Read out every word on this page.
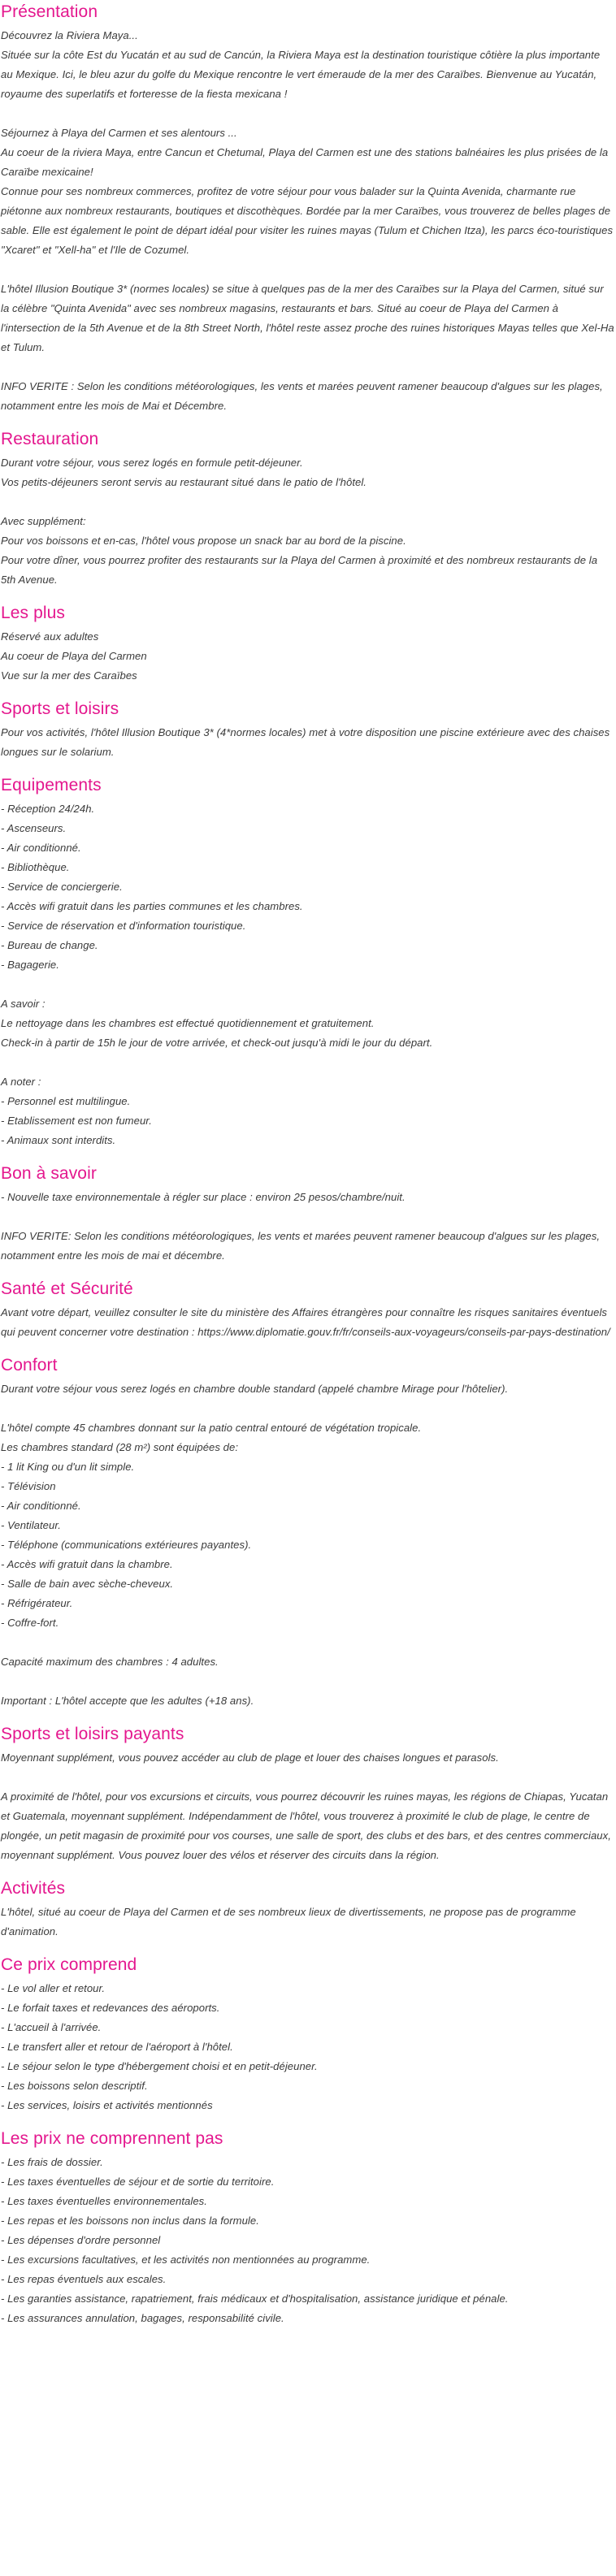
Présentation
Découvrez la Riviera Maya...
Située sur la côte Est du Yucatán et au sud de Cancún, la Riviera Maya est la destination touristique côtière la plus importante au Mexique. Ici, le bleu azur du golfe du Mexique rencontre le vert émeraude de la mer des Caraïbes. Bienvenue au Yucatán, royaume des superlatifs et forteresse de la fiesta mexicana !

Séjournez à Playa del Carmen et ses alentours ...
Au coeur de la riviera Maya, entre Cancun et Chetumal, Playa del Carmen est une des stations balnéaires les plus prisées de la Caraïbe mexicaine!
Connue pour ses nombreux commerces, profitez de votre séjour pour vous balader sur la Quinta Avenida, charmante rue piétonne aux nombreux restaurants, boutiques et discothèques. Bordée par la mer Caraïbes, vous trouverez de belles plages de sable. Elle est également le point de départ idéal pour visiter les ruines mayas (Tulum et Chichen Itza), les parcs éco-touristiques "Xcaret" et "Xell-ha" et l'Ile de Cozumel.

L'hôtel Illusion Boutique 3* (normes locales) se situe à quelques pas de la mer des Caraïbes sur la Playa del Carmen, situé sur la célèbre "Quinta Avenida" avec ses nombreux magasins, restaurants et bars. Situé au coeur de Playa del Carmen à l'intersection de la 5th Avenue et de la 8th Street North, l'hôtel reste assez proche des ruines historiques Mayas telles que Xel-Ha et Tulum.

INFO VERITE : Selon les conditions météorologiques, les vents et marées peuvent ramener beaucoup d'algues sur les plages, notamment entre les mois de Mai et Décembre.
Restauration
Durant votre séjour, vous serez logés en formule petit-déjeuner.
Vos petits-déjeuners seront servis au restaurant situé dans le patio de l'hôtel.

Avec supplément:
Pour vos boissons et en-cas, l'hôtel vous propose un snack bar au bord de la piscine.
Pour votre dîner, vous pourrez profiter des restaurants sur la Playa del Carmen à proximité et des nombreux restaurants de la 5th Avenue.
Les plus
Réservé aux adultes
Au coeur de Playa del Carmen
Vue sur la mer des Caraïbes
Sports et loisirs
Pour vos activités, l'hôtel Illusion Boutique 3* (4*normes locales) met à votre disposition une piscine extérieure avec des chaises longues sur le solarium.
Equipements
- Réception 24/24h.
- Ascenseurs.
- Air conditionné.
- Bibliothèque.
- Service de conciergerie.
- Accès wifi gratuit dans les parties communes et les chambres.
- Service de réservation et d'information touristique.
- Bureau de change.
- Bagagerie.

A savoir :
Le nettoyage dans les chambres est effectué quotidiennement et gratuitement.
Check-in à partir de 15h le jour de votre arrivée, et check-out jusqu'à midi le jour du départ.

A noter :
- Personnel est multilingue.
- Etablissement est non fumeur.
- Animaux sont interdits.
Bon à savoir
- Nouvelle taxe environnementale à régler sur place : environ 25 pesos/chambre/nuit.

INFO VERITE: Selon les conditions météorologiques, les vents et marées peuvent ramener beaucoup d'algues sur les plages, notamment entre les mois de mai et décembre.
Santé et Sécurité
Avant votre départ, veuillez consulter le site du ministère des Affaires étrangères pour connaître les risques sanitaires éventuels qui peuvent concerner votre destination : https://www.diplomatie.gouv.fr/fr/conseils-aux-voyageurs/conseils-par-pays-destination/
Confort
Durant votre séjour vous serez logés en chambre double standard (appelé chambre Mirage pour l'hôtelier).

L'hôtel compte 45 chambres donnant sur la patio central entouré de végétation tropicale.
Les chambres standard (28 m²) sont équipées de:
- 1 lit King ou d'un lit simple.
- Télévision
- Air conditionné.
- Ventilateur.
- Téléphone (communications extérieures payantes).
- Accès wifi gratuit dans la chambre.
- Salle de bain avec sèche-cheveux.
- Réfrigérateur.
- Coffre-fort.

Capacité maximum des chambres : 4 adultes.

Important : L'hôtel accepte que les adultes (+18 ans).
Sports et loisirs payants
Moyennant supplément, vous pouvez accéder au club de plage et louer des chaises longues et parasols.

A proximité de l'hôtel, pour vos excursions et circuits, vous pourrez découvrir les ruines mayas, les régions de Chiapas, Yucatan et Guatemala, moyennant supplément. Indépendamment de l'hôtel, vous trouverez à proximité le club de plage, le centre de plongée, un petit magasin de proximité pour vos courses, une salle de sport, des clubs et des bars, et des centres commerciaux, moyennant supplément. Vous pouvez louer des vélos et réserver des circuits dans la région.
Activités
L'hôtel, situé au coeur de Playa del Carmen et de ses nombreux lieux de divertissements, ne propose pas de programme d'animation.
Ce prix comprend
- Le vol aller et retour.
- Le forfait taxes et redevances des aéroports.
- L'accueil à l'arrivée.
- Le transfert aller et retour de l'aéroport à l'hôtel.
- Le séjour selon le type d'hébergement choisi et en petit-déjeuner.
- Les boissons selon descriptif.
- Les services, loisirs et activités mentionnés
Les prix ne comprennent pas
- Les frais de dossier.
- Les taxes éventuelles de séjour et de sortie du territoire.
- Les taxes éventuelles environnementales.
- Les repas et les boissons non inclus dans la formule.
- Les dépenses d'ordre personnel
- Les excursions facultatives, et les activités non mentionnées au programme.
- Les repas éventuels aux escales.
- Les garanties assistance, rapatriement, frais médicaux et d'hospitalisation, assistance juridique et pénale.
- Les assurances annulation, bagages, responsabilité civile.
